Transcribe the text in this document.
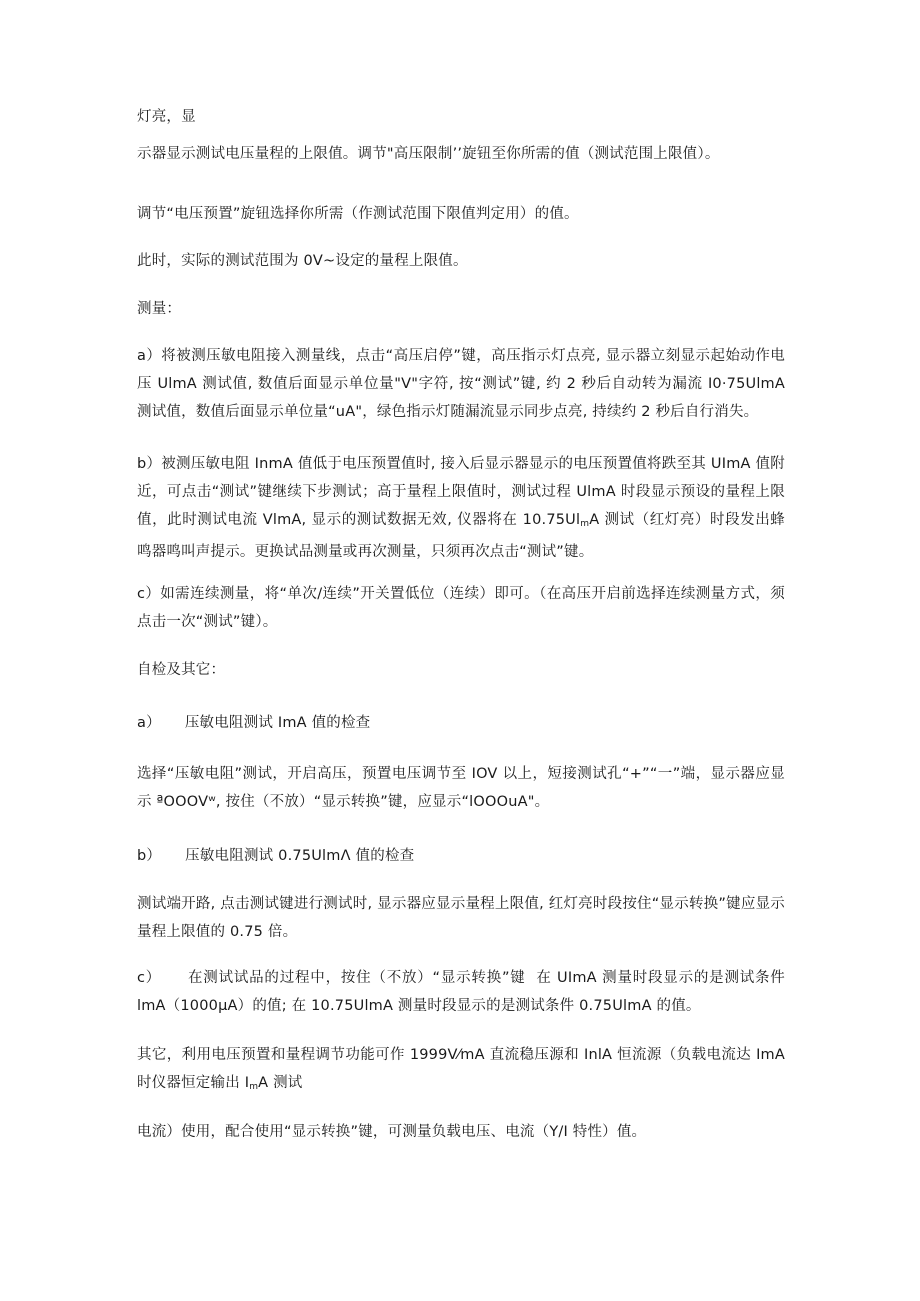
灯亮，显
示器显示测试电压量程的上限值。调节"高压限制’’旋钮至你所需的值（测试范围上限值）。
调节“电压预置”旋钮选择你所需（作测试范围下限值判定用）的值。
此时，实际的测试范围为 0V~设定的量程上限值。
测量：
a）将被测压敏电阻接入测量线，点击“高压启停”键，高压指示灯点亮, 显示器立刻显示起始动作电压 UlmA 测试值, 数值后面显示单位量"V"字符, 按“测试”键, 约 2 秒后自动转为漏流 I0·75UlmA 测试值，数值后面显示单位量“uA"，绿色指示灯随漏流显示同步点亮, 持续约 2 秒后自行消失。
b）被测压敏电阻 InmA 值低于电压预置值时, 接入后显示器显示的电压预置值将跌至其 UImA 值附近，可点击“测试”键继续下步测试；高于量程上限值时，测试过程 UlmA 时段显示预设的量程上限值，此时测试电流 VlmA, 显示的测试数据无效, 仪器将在 $10.75Ul_mA$ 测试（红灯亮）时段发出蜂鸣器鸣叫声提示。更换试品测量或再次测量，只须再次点击“测试”键。
c）如需连续测量，将“单次/连续”开关置低位（连续）即可。（在高压开启前选择连续测量方式，须点击一次“测试”键）。
自检及其它：
a）     压敏电阻测试 ImA 值的检查
选择“压敏电阻”测试，开启高压，预置电压调节至 IOV 以上，短接测试孔“+”“一”端，显示器应显示 ªOOOVʷ, 按住（不放）“显示转换”键，应显示“lOOOuA"。
b）     压敏电阻测试 0.75UlmΛ 值的检查
测试端开路, 点击测试键进行测试时, 显示器应显示量程上限值, 红灯亮时段按住“显示转换”键应显示量程上限值的 0.75 倍。
c）     在测试试品的过程中，按住（不放）“显示转换”键  在 UImA 测量时段显示的是测试条件 lmA（1000μA）的值; 在 10.75UlmA 测量时段显示的是测试条件 0.75UlmA 的值。
其它，利用电压预置和量程调节功能可作 1999V⁄mA 直流稳压源和 InlA 恒流源（负载电流达 ImA 时仪器恒定输出 $I_mA$ 测试
电流）使用，配合使用“显示转换”键，可测量负载电压、电流（Y/I 特性）值。
